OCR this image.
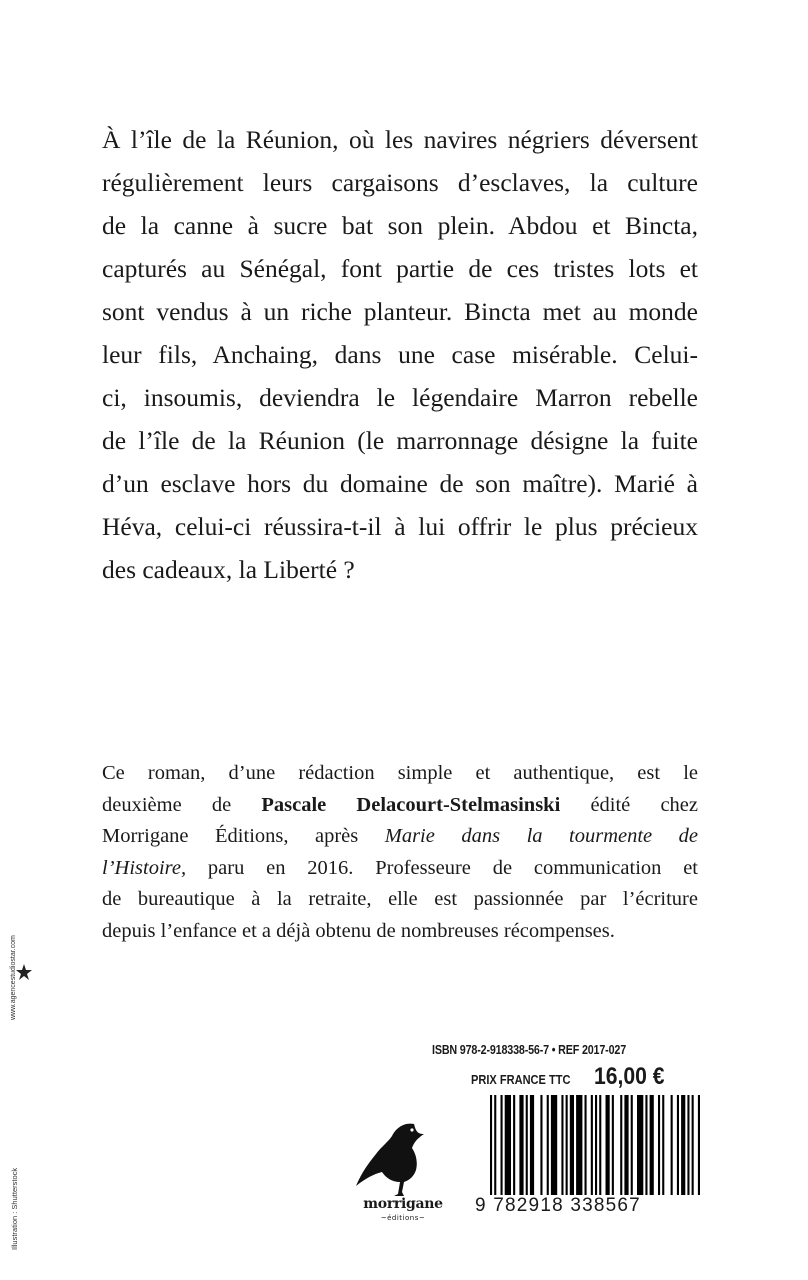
À l’île de la Réunion, où les navires négriers déversent
régulièrement leurs cargaisons d’esclaves, la culture
de la canne à sucre bat son plein. Abdou et Bincta,
capturés au Sénégal, font partie de ces tristes lots et
sont vendus à un riche planteur. Bincta met au monde
leur fils, Anchaing, dans une case misérable. Celui-
ci, insoumis, deviendra le légendaire Marron rebelle
de l’île de la Réunion (le marronnage désigne la fuite
d’un esclave hors du domaine de son maître). Marié à
Héva, celui-ci réussira-t-il à lui offrir le plus précieux
des cadeaux, la Liberté ?
Ce roman, d’une rédaction simple et authentique, est le
deuxième de Pascale Delacourt-Stelmasinski édité chez
Morrigane Éditions, après Marie dans la tourmente de
l’Histoire, paru en 2016. Professeure de communication et
de bureautique à la retraite, elle est passionnée par l’écriture
depuis l’enfance et a déjà obtenu de nombreuses récompenses.
ISBN 978-2-918338-56-7 • REF 2017-027
PRIX FRANCE TTC 16,00 €
9 782918 338567
morrigane
~éditions~
Illustration : Shutterstock
www.agencestudiostar.com
